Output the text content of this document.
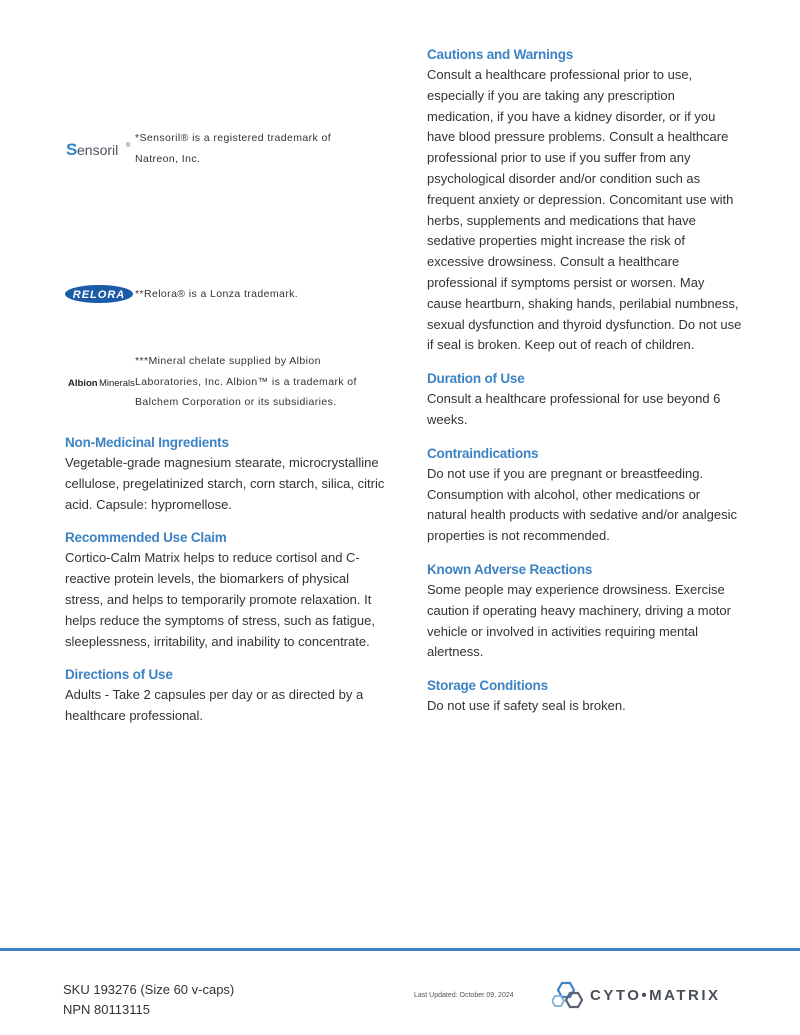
S ensoril ®
*Sensoril® is a registered trademark of Natreon, Inc.
RELORA **Relora® is a Lonza trademark.
Albion Minerals
***Mineral chelate supplied by Albion Laboratories, Inc. Albion™ is a trademark of Balchem Corporation or its subsidiaries.
Non-Medicinal Ingredients

Vegetable-grade magnesium stearate, microcrystalline cellulose, pregelatinized starch, corn starch, silica, citric acid. Capsule: hypromellose.

Recommended Use Claim

Cortico-Calm Matrix helps to reduce cortisol and C-reactive protein levels, the biomarkers of physical stress, and helps to temporarily promote relaxation. It helps reduce the symptoms of stress, such as fatigue, sleeplessness, irritability, and inability to concentrate.

Directions of Use

Adults - Take 2 capsules per day or as directed by a healthcare professional.

Cautions and Warnings

Consult a healthcare professional prior to use, especially if you are taking any prescription medication, if you have a kidney disorder, or if you have blood pressure problems. Consult a healthcare professional prior to use if you suffer from any psychological disorder and/or condition such as frequent anxiety or depression. Concomitant use with herbs, supplements and medications that have sedative properties might increase the risk of excessive drowsiness. Consult a healthcare professional if symptoms persist or worsen. May cause heartburn, shaking hands, perilabial numbness, sexual dysfunction and thyroid dysfunction. Do not use if seal is broken. Keep out of reach of children.

Duration of Use

Consult a healthcare professional for use beyond 6 weeks.

Contraindications

Do not use if you are pregnant or breastfeeding. Consumption with alcohol, other medications or natural health products with sedative and/or analgesic properties is not recommended.

Known Adverse Reactions

Some people may experience drowsiness. Exercise caution if operating heavy machinery, driving a motor vehicle or involved in activities requiring mental alertness.

Storage Conditions

Do not use if safety seal is broken.

SKU 193276 (Size 60 v-caps)
NPN 80113115
Last Updated: October 09, 2024	CYTO•MATRIX
